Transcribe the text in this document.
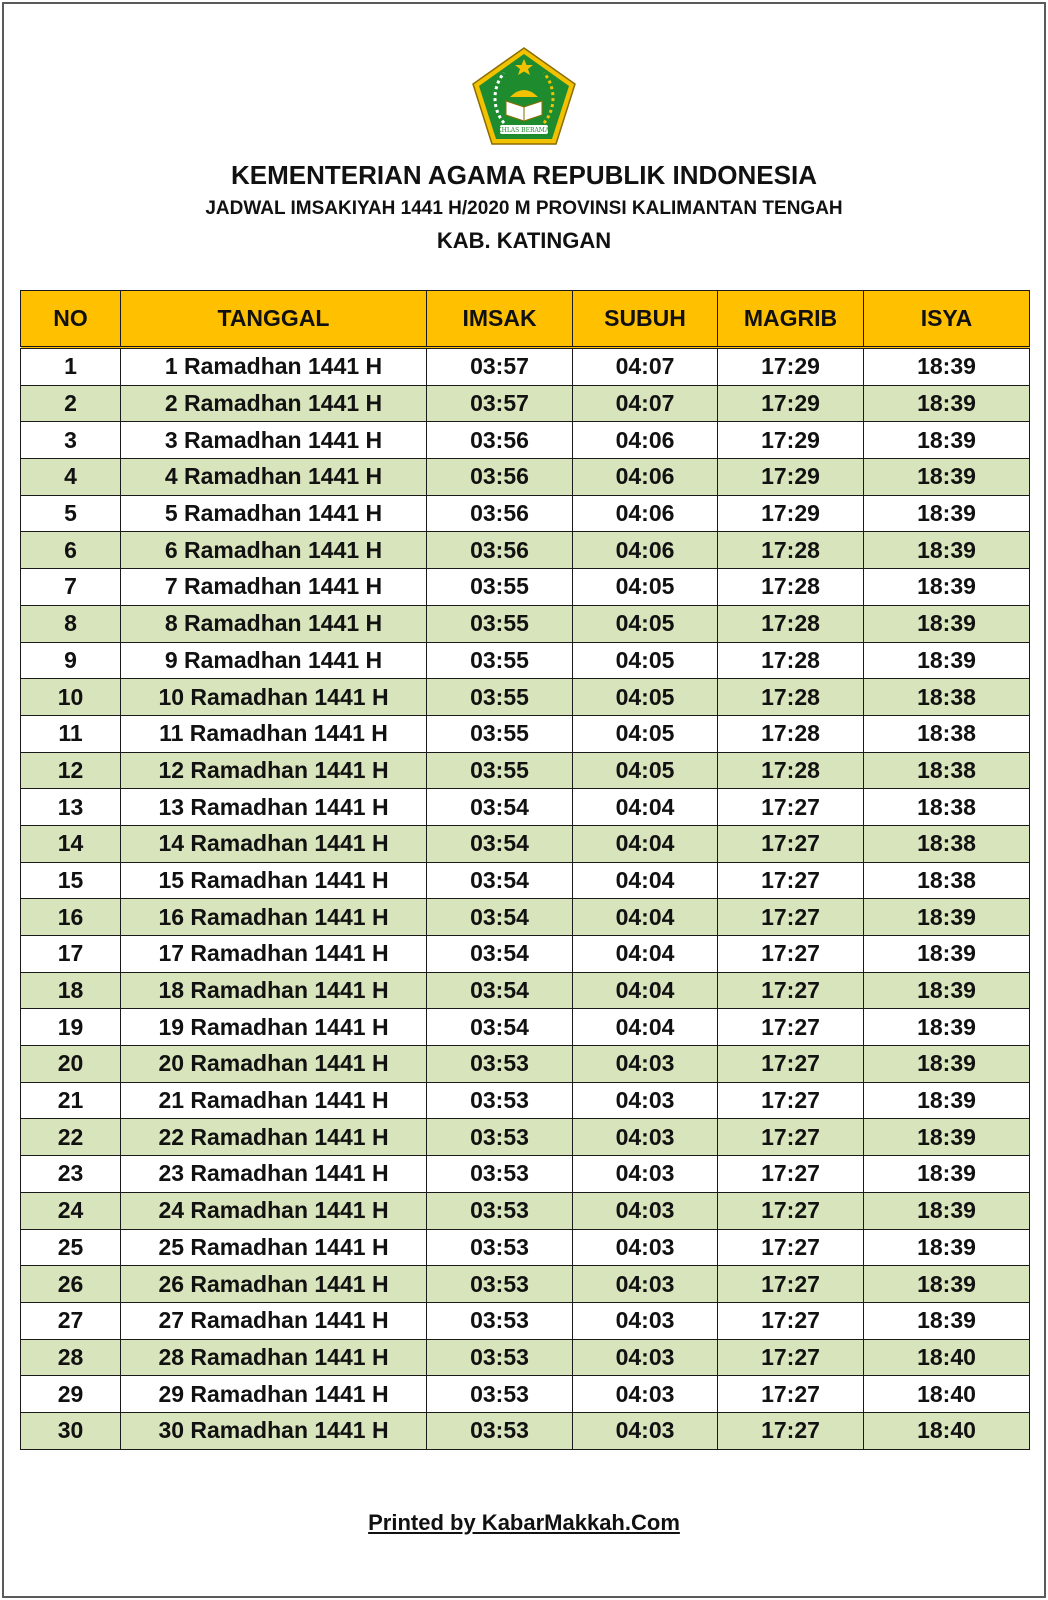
IKHLAS BERAMAL
KEMENTERIAN AGAMA REPUBLIK INDONESIA
JADWAL IMSAKIYAH 1441 H/2020 M PROVINSI KALIMANTAN TENGAH
KAB. KATINGAN
NO	TANGGAL	IMSAK	SUBUH	MAGRIB	ISYA
1	1 Ramadhan 1441 H	03:57	04:07	17:29	18:39
2	2 Ramadhan 1441 H	03:57	04:07	17:29	18:39
3	3 Ramadhan 1441 H	03:56	04:06	17:29	18:39
4	4 Ramadhan 1441 H	03:56	04:06	17:29	18:39
5	5 Ramadhan 1441 H	03:56	04:06	17:29	18:39
6	6 Ramadhan 1441 H	03:56	04:06	17:28	18:39
7	7 Ramadhan 1441 H	03:55	04:05	17:28	18:39
8	8 Ramadhan 1441 H	03:55	04:05	17:28	18:39
9	9 Ramadhan 1441 H	03:55	04:05	17:28	18:39
10	10 Ramadhan 1441 H	03:55	04:05	17:28	18:38
11	11 Ramadhan 1441 H	03:55	04:05	17:28	18:38
12	12 Ramadhan 1441 H	03:55	04:05	17:28	18:38
13	13 Ramadhan 1441 H	03:54	04:04	17:27	18:38
14	14 Ramadhan 1441 H	03:54	04:04	17:27	18:38
15	15 Ramadhan 1441 H	03:54	04:04	17:27	18:38
16	16 Ramadhan 1441 H	03:54	04:04	17:27	18:39
17	17 Ramadhan 1441 H	03:54	04:04	17:27	18:39
18	18 Ramadhan 1441 H	03:54	04:04	17:27	18:39
19	19 Ramadhan 1441 H	03:54	04:04	17:27	18:39
20	20 Ramadhan 1441 H	03:53	04:03	17:27	18:39
21	21 Ramadhan 1441 H	03:53	04:03	17:27	18:39
22	22 Ramadhan 1441 H	03:53	04:03	17:27	18:39
23	23 Ramadhan 1441 H	03:53	04:03	17:27	18:39
24	24 Ramadhan 1441 H	03:53	04:03	17:27	18:39
25	25 Ramadhan 1441 H	03:53	04:03	17:27	18:39
26	26 Ramadhan 1441 H	03:53	04:03	17:27	18:39
27	27 Ramadhan 1441 H	03:53	04:03	17:27	18:39
28	28 Ramadhan 1441 H	03:53	04:03	17:27	18:40
29	29 Ramadhan 1441 H	03:53	04:03	17:27	18:40
30	30 Ramadhan 1441 H	03:53	04:03	17:27	18:40
Printed by KabarMakkah.Com
